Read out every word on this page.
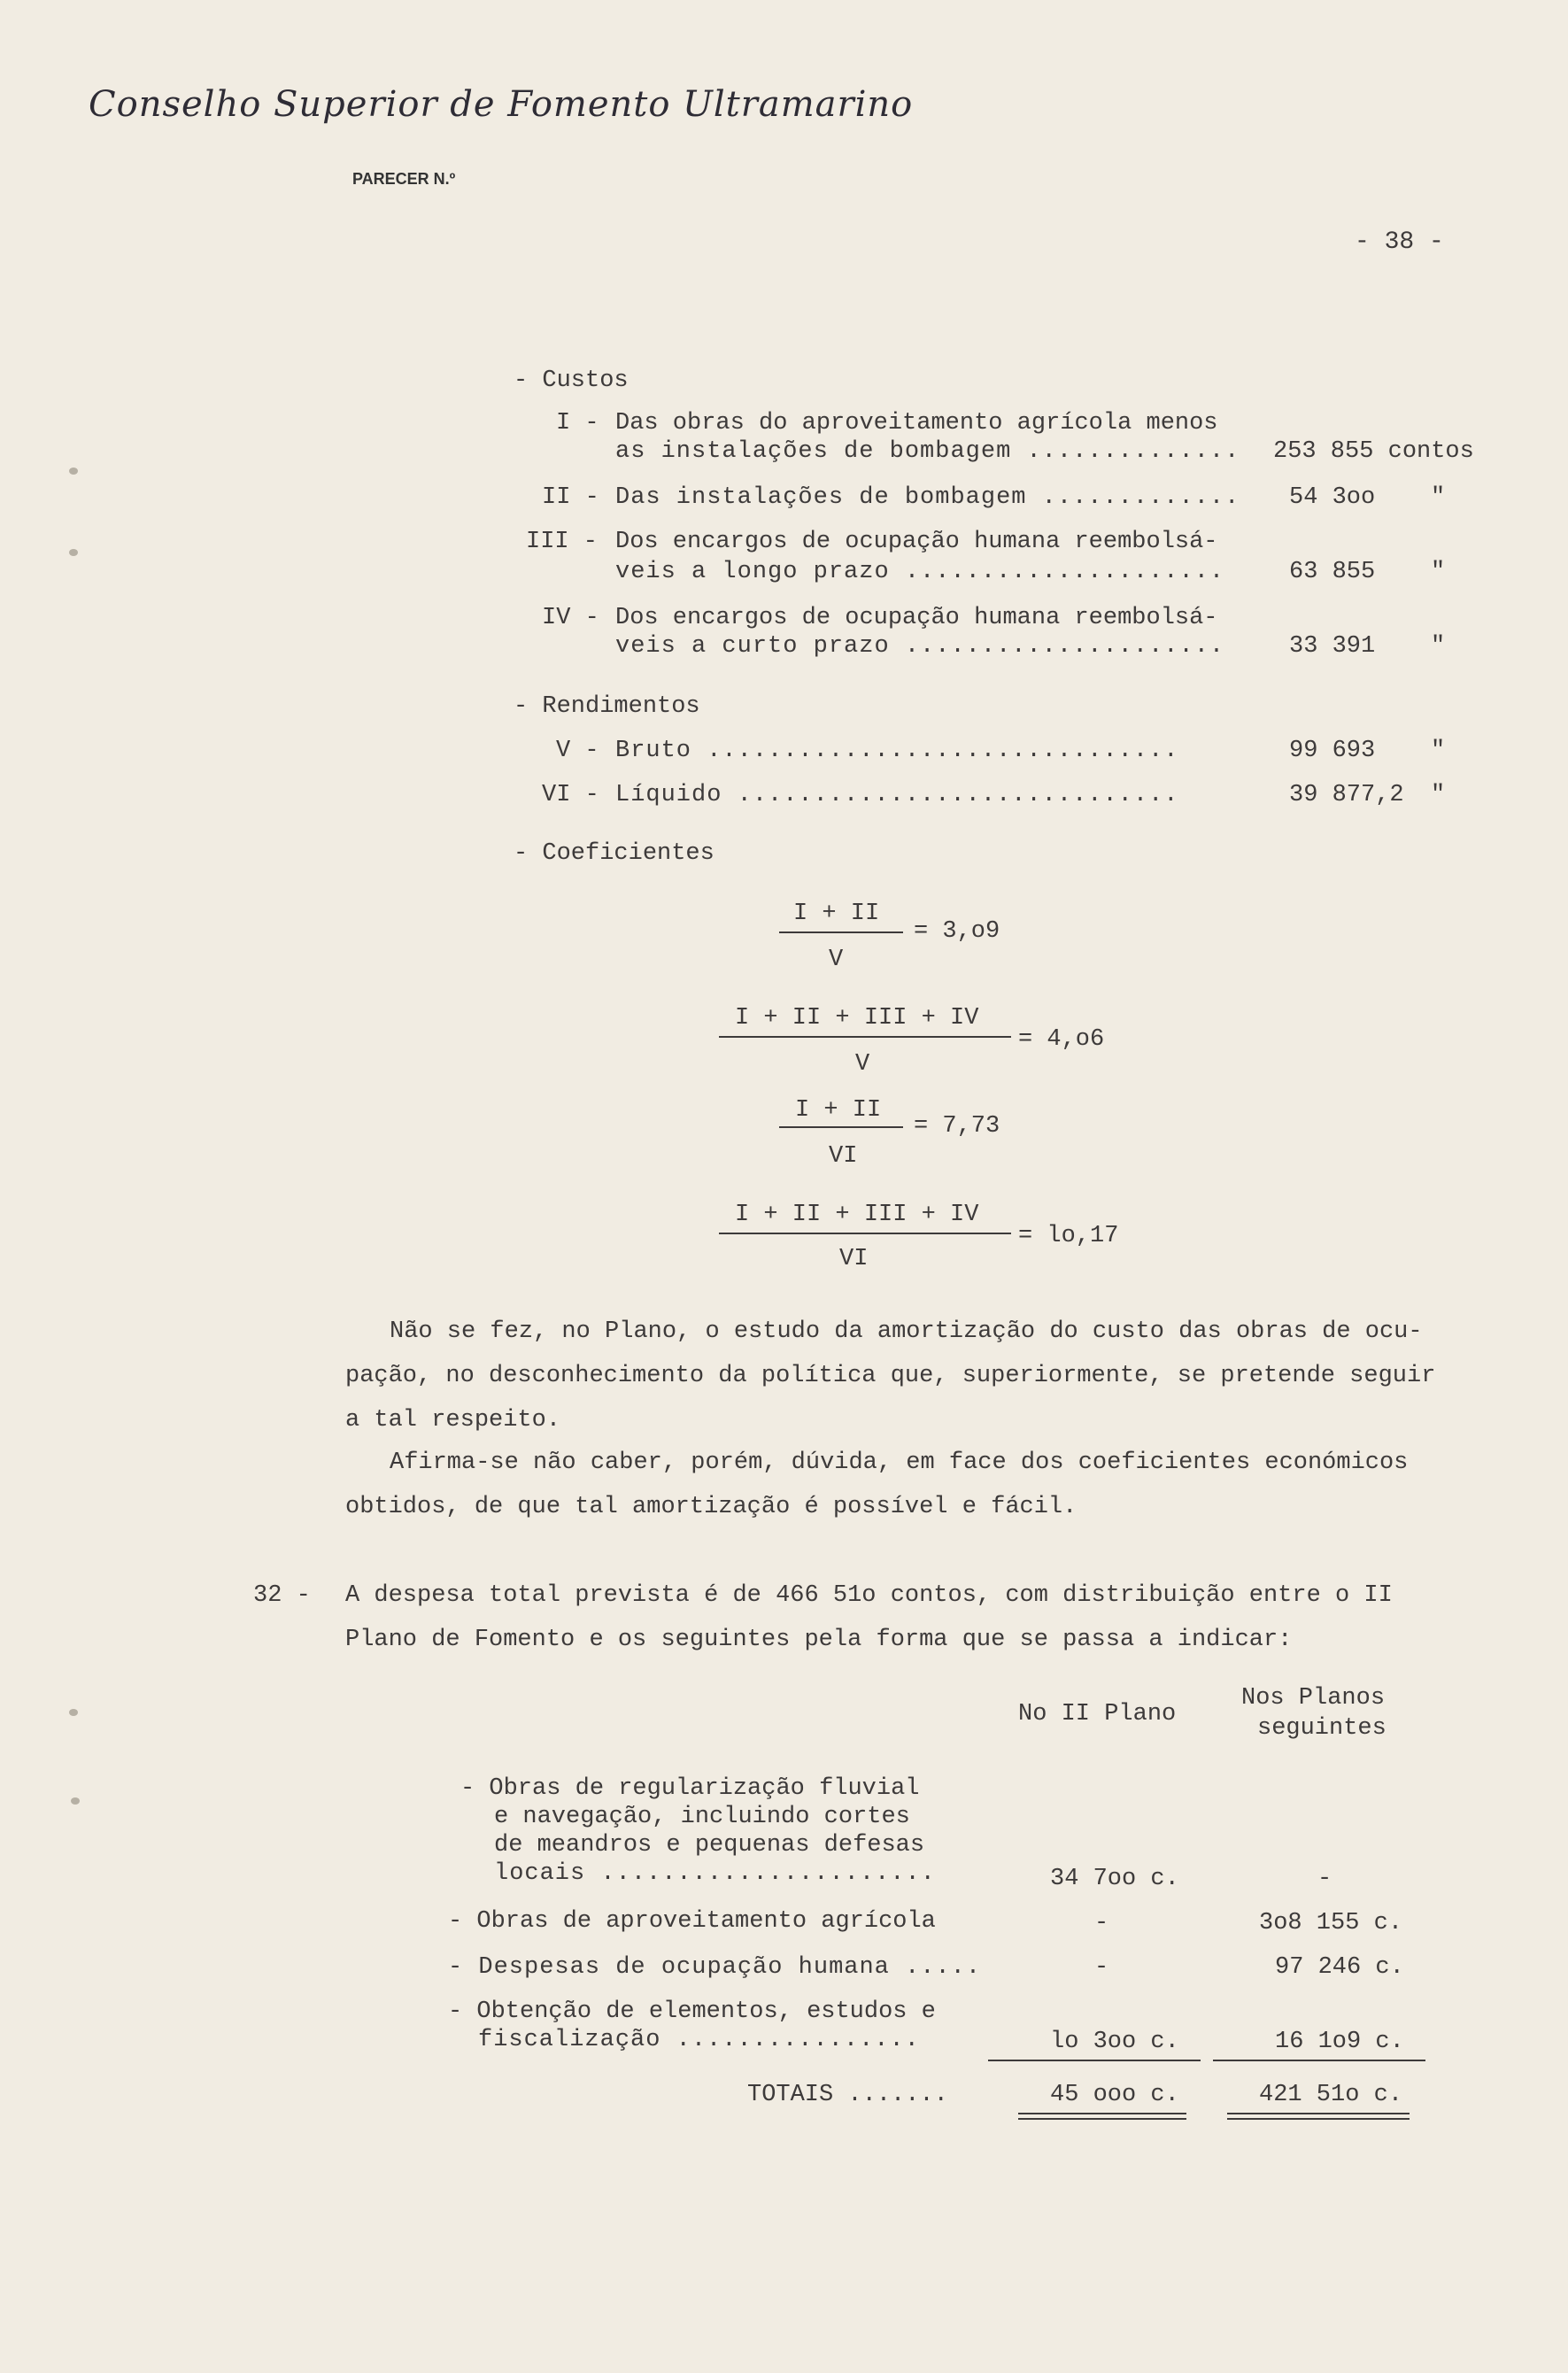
Conselho Superior de Fomento Ultramarino
PARECER N.º
- 38 -
- Custos
I - Das obras do aproveitamento agrícola menos
as instalações de bombagem .............. 253 855 contos
II - Das instalações de bombagem ............. 54 3oo "
III - Dos encargos de ocupação humana reembolsá-
veis a longo prazo .....................	63 855 "
IV - Dos encargos de ocupação humana reembolsá-
veis a curto prazo .....................	33 391 "
- Rendimentos
V - Bruto ...............................	99 693 "
VI - Líquido .............................	39 877,2 "
- Coeficientes
I + II
V
= 3,o9
I + II + III + IV
V
= 4,o6
I + II
VI
= 7,73
I + II + III + IV
VI
= lo,17
Não se fez, no Plano, o estudo da amortização do custo das obras de ocu-
pação, no desconhecimento da política que, superiormente, se pretende seguir
a tal respeito.
Afirma-se não caber, porém, dúvida, em face dos coeficientes económicos
obtidos, de que tal amortização é possível e fácil.
32 - A despesa total prevista é de 466 51o contos, com distribuição entre o II
Plano de Fomento e os seguintes pela forma que se passa a indicar:
No II Plano
Nos Planos
seguintes
- Obras de regularização fluvial
e navegação, incluindo cortes
de meandros e pequenas defesas
locais ......................	34 7oo c.	-
- Obras de aproveitamento agrícola	-	3o8 155 c.
- Despesas de ocupação humana .....	-	97 246 c.
- Obtenção de elementos, estudos e
fiscalização ................	lo 3oo c.	16 1o9 c.
TOTAIS .......	45 ooo c.	421 51o c.
